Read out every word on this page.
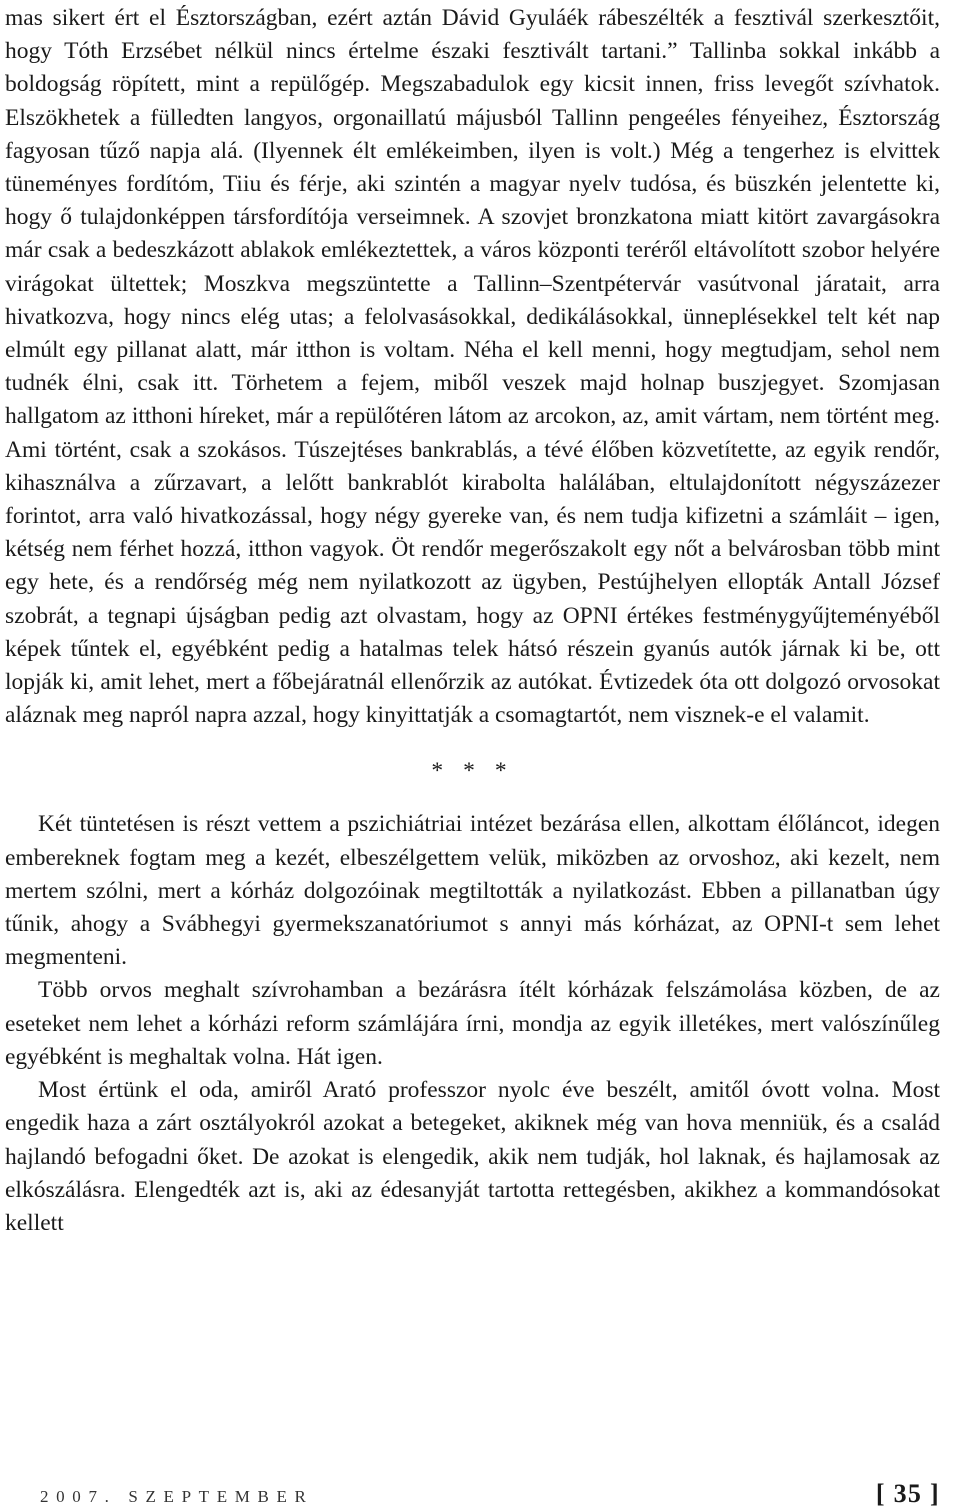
mas sikert ért el Észtországban, ezért aztán Dávid Gyuláék rábeszélték a fesztivál szerkesztőit, hogy Tóth Erzsébet nélkül nincs értelme északi fesztivált tartani.” Tallinba sokkal inkább a boldogság röpített, mint a repülőgép. Megszabadulok egy kicsit innen, friss levegőt szívhatok. Elszökhetek a fülledten langyos, orgonaillatú májusból Tallinn pengeéles fényeihez, Észtország fagyosan tűző napja alá. (Ilyennek élt emlékeimben, ilyen is volt.) Még a tengerhez is elvittek tüneményes fordítóm, Tiiu és férje, aki szintén a magyar nyelv tudósa, és büszkén jelentette ki, hogy ő tulajdonképpen társfordítója verseimnek. A szovjet bronzkatona miatt kitört zavargásokra már csak a bedeszkázott ablakok emlékeztettek, a város központi teréről eltávolított szobor helyére virágokat ültettek; Moszkva megszüntette a Tallinn–Szentpétervár vasútvonal járatait, arra hivatkozva, hogy nincs elég utas; a felolvasásokkal, dedikálásokkal, ünneplésekkel telt két nap elmúlt egy pillanat alatt, már itthon is voltam. Néha el kell menni, hogy megtudjam, sehol nem tudnék élni, csak itt. Törhetem a fejem, miből veszek majd holnap buszjegyet. Szomjasan hallgatom az itthoni híreket, már a repülőtéren látom az arcokon, az, amit vártam, nem történt meg. Ami történt, csak a szokásos. Túszejtéses bankrablás, a tévé élőben közvetítette, az egyik rendőr, kihasználva a zűrzavart, a lelőtt bankrablót kirabolta halálában, eltulajdonított négyszázezer forintot, arra való hivatkozással, hogy négy gyereke van, és nem tudja kifizetni a számláit – igen, kétség nem férhet hozzá, itthon vagyok. Öt rendőr megerőszakolt egy nőt a belvárosban több mint egy hete, és a rendőrség még nem nyilatkozott az ügyben, Pestújhelyen ellopták Antall József szobrát, a tegnapi újságban pedig azt olvastam, hogy az OPNI értékes festménygyűjteményéből képek tűntek el, egyébként pedig a hatalmas telek hátsó részein gyanús autók járnak ki be, ott lopják ki, amit lehet, mert a főbejáratnál ellenőrzik az autókat. Évtizedek óta ott dolgozó orvosokat aláznak meg napról napra azzal, hogy kinyittatják a csomagtartót, nem visznek-e el valamit.

* * *

Két tüntetésen is részt vettem a pszichiátriai intézet bezárása ellen, alkottam élőláncot, idegen embereknek fogtam meg a kezét, elbeszélgettem velük, miközben az orvoshoz, aki kezelt, nem mertem szólni, mert a kórház dolgozóinak megtiltották a nyilatkozást. Ebben a pillanatban úgy tűnik, ahogy a Svábhegyi gyermekszanatóriumot s annyi más kórházat, az OPNI-t sem lehet megmenteni.

Több orvos meghalt szívrohamban a bezárásra ítélt kórházak felszámolása közben, de az eseteket nem lehet a kórházi reform számlájára írni, mondja az egyik illetékes, mert valószínűleg egyébként is meghaltak volna. Hát igen.

Most értünk el oda, amiről Arató professzor nyolc éve beszélt, amitől óvott volna. Most engedik haza a zárt osztályokról azokat a betegeket, akiknek még van hova menniük, és a család hajlandó befogadni őket. De azokat is elengedik, akik nem tudják, hol laknak, és hajlamosak az elkószálásra. Elengedték azt is, aki az édesanyját tartotta rettegésben, akikhez a kommandósokat kellett

2007. SZEPTEMBER	[ 35 ]
